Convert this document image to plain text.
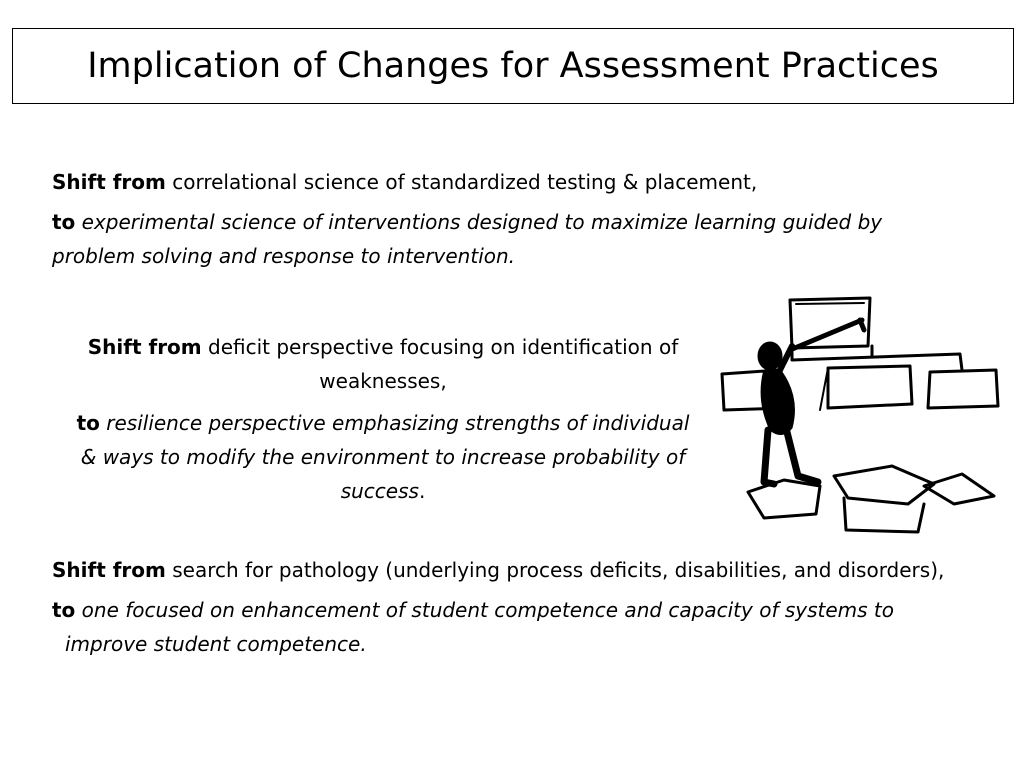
Implication of Changes for Assessment Practices

Shift from correlational science of standardized testing & placement,

to experimental science of interventions designed to maximize learning guided by problem solving and response to intervention.

Shift from deficit perspective focusing on identification of weaknesses,

to resilience perspective emphasizing strengths of individual & ways to modify the environment to increase probability of success.

Shift from search for pathology (underlying process deficits, disabilities, and disorders),

to one focused on enhancement of student competence and capacity of systems to improve student competence.
